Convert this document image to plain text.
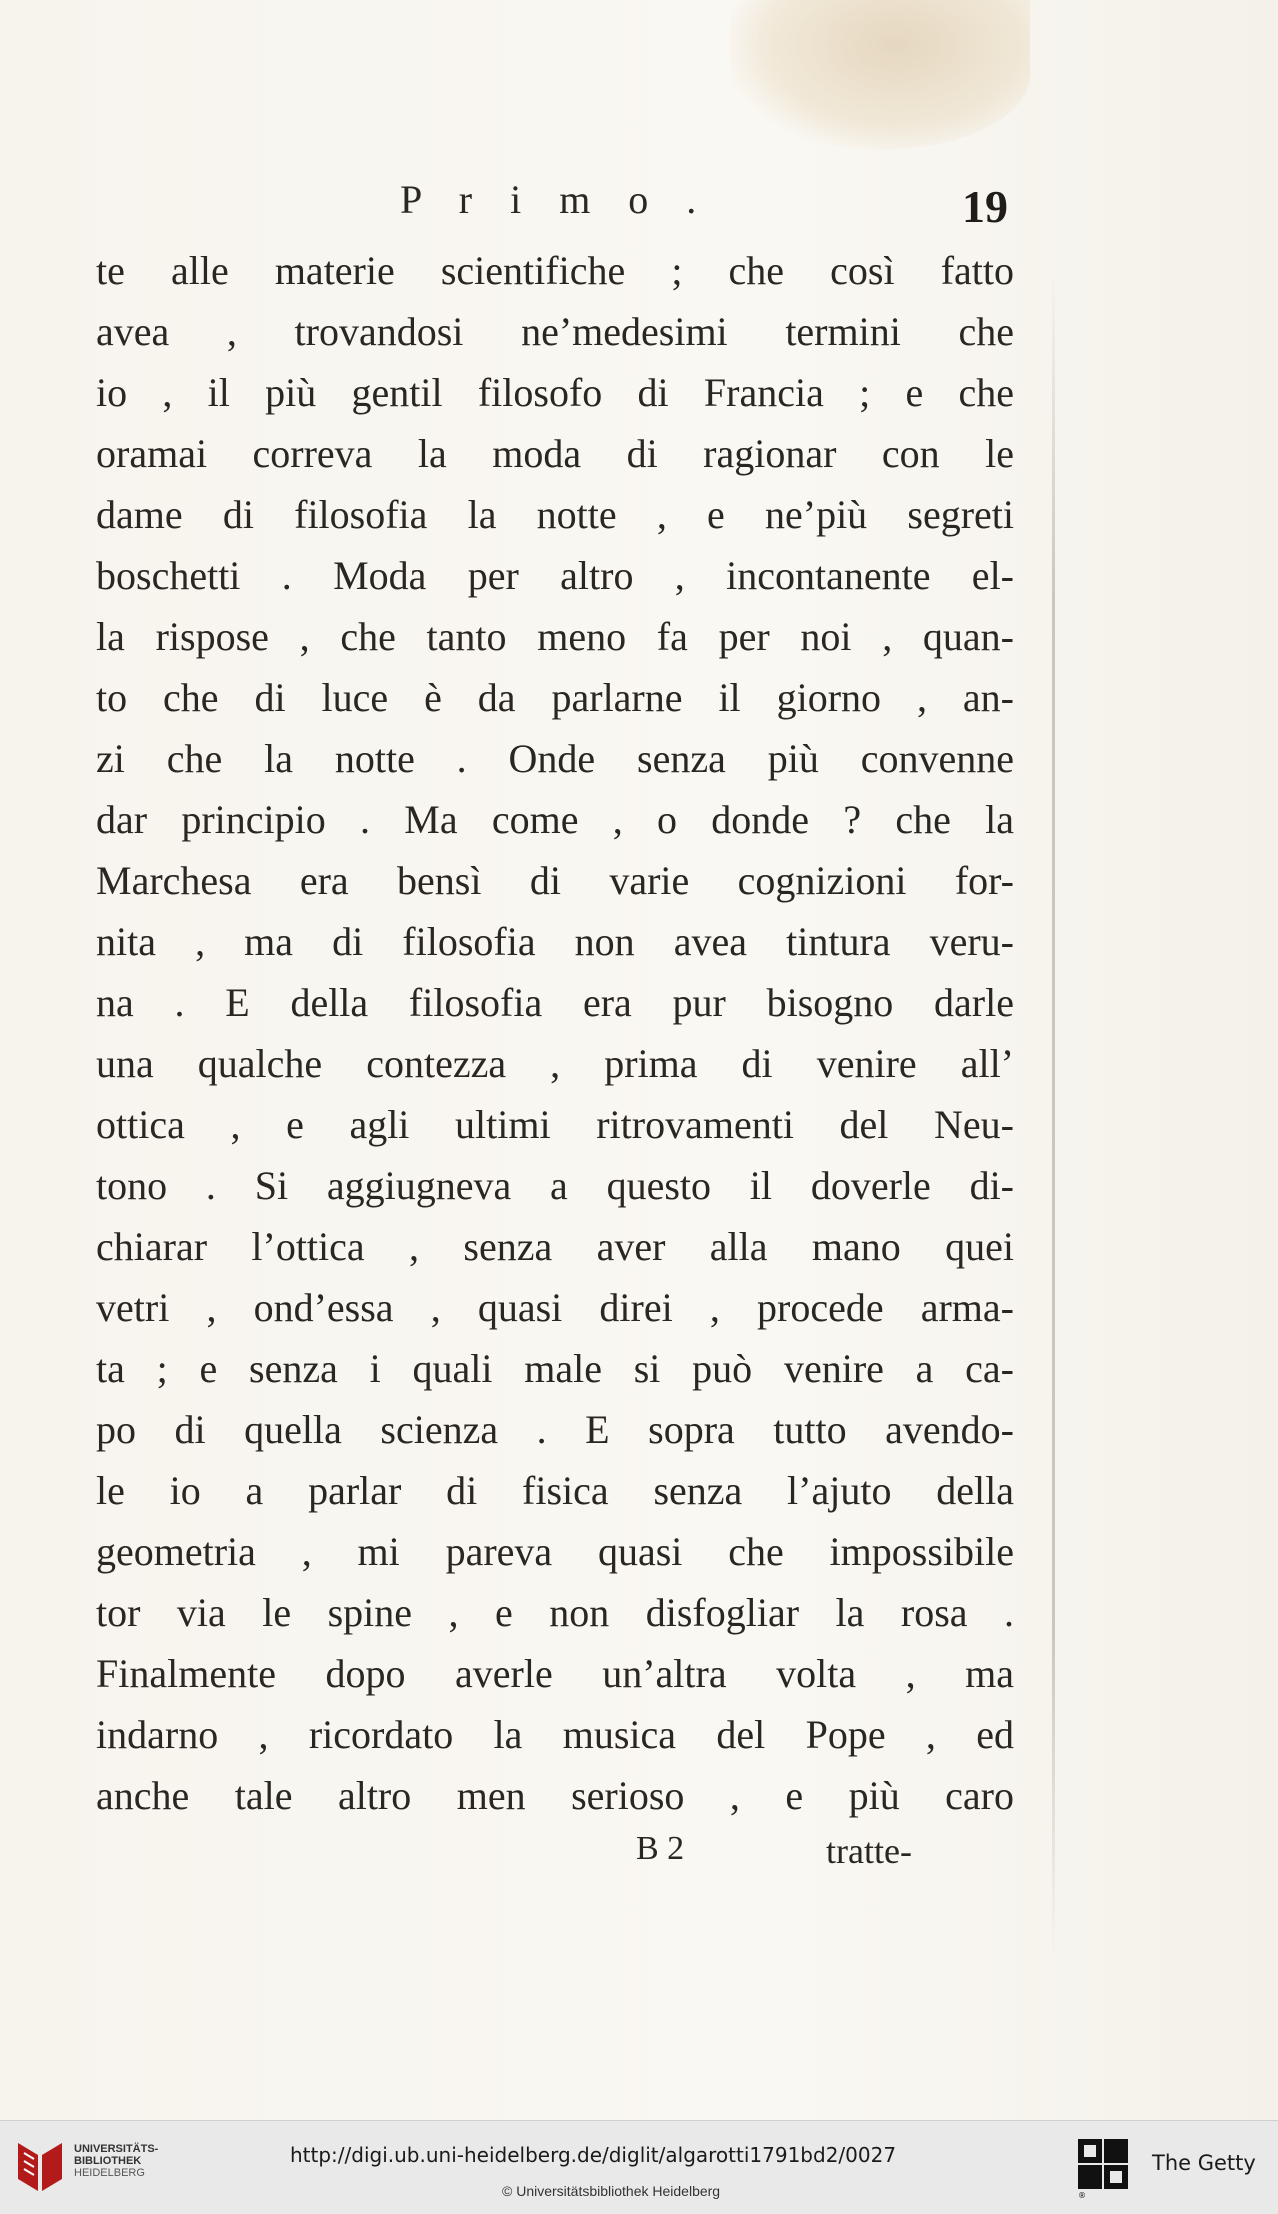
P r i m o .	19
te alle materie scientifiche ; che così fatto
avea , trovandosi ne’medesimi termini che
io , il più gentil filosofo di Francia ; e che
oramai correva la moda di ragionar con le
dame di filosofia la notte , e ne’più segreti
boschetti . Moda per altro , incontanente el-
la rispose , che tanto meno fa per noi , quan-
to che di luce è da parlarne il giorno , an-
zi che la notte . Onde senza più convenne
dar principio . Ma come , o donde ? che la
Marchesa era bensì di varie cognizioni for-
nita , ma di filosofia non avea tintura veru-
na . E della filosofia era pur bisogno darle
una qualche contezza , prima di venire all’
ottica , e agli ultimi ritrovamenti del Neu-
tono . Si aggiugneva a questo il doverle di-
chiarar l’ottica , senza aver alla mano quei
vetri , ond’essa , quasi direi , procede arma-
ta ; e senza i quali male si può venire a ca-
po di quella scienza . E sopra tutto avendo-
le io a parlar di fisica senza l’ajuto della
geometria , mi pareva quasi che impossibile
tor via le spine , e non disfogliar la rosa .
Finalmente dopo averle un’altra volta , ma
indarno , ricordato la musica del Pope , ed
anche tale altro men serioso , e più caro
B 2	tratte-
UNIVERSITÄTS-
BIBLIOTHEK
HEIDELBERG
http://digi.ub.uni-heidelberg.de/diglit/algarotti1791bd2/0027
© Universitätsbibliothek Heidelberg	®
The Getty
